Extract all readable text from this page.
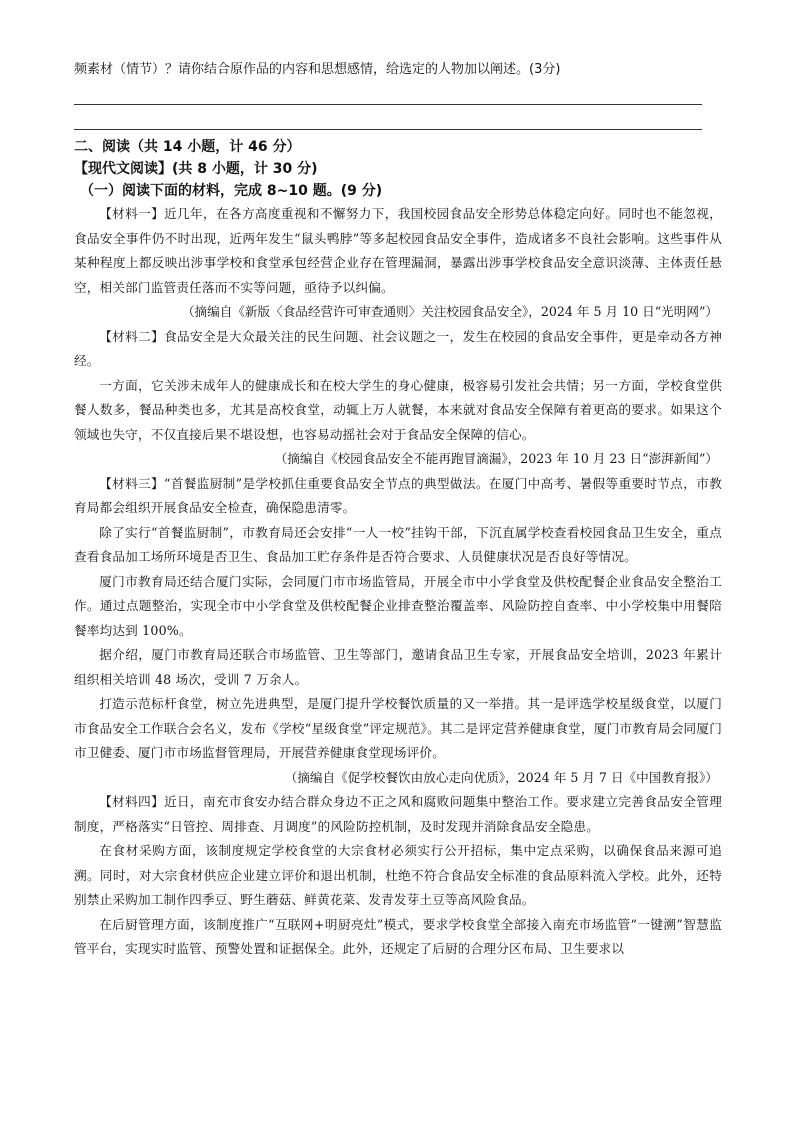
频素材（情节）？请你结合原作品的内容和思想感情，给选定的人物加以阐述。(3分)

二、阅读（共 14 小题，计 46 分）
【现代文阅读】(共 8 小题，计 30 分)
（一）阅读下面的材料，完成 8~10 题。(9 分)

【材料一】近几年，在各方高度重视和不懈努力下，我国校园食品安全形势总体稳定向好。同时也不能忽视，食品安全事件仍不时出现，近两年发生“鼠头鸭脖”等多起校园食品安全事件，造成诸多不良社会影响。这些事件从某种程度上都反映出涉事学校和食堂承包经营企业存在管理漏洞，暴露出涉事学校食品安全意识淡薄、主体责任悬空，相关部门监管责任落而不实等问题，亟待予以纠偏。

（摘编自《新版〈食品经营许可审查通则〉关注校园食品安全》，2024 年 5 月 10 日“光明网”）

【材料二】食品安全是大众最关注的民生问题、社会议题之一，发生在校园的食品安全事件，更是牵动各方神经。

一方面，它关涉未成年人的健康成长和在校大学生的身心健康，极容易引发社会共情；另一方面，学校食堂供餐人数多，餐品种类也多，尤其是高校食堂，动辄上万人就餐，本来就对食品安全保障有着更高的要求。如果这个领域也失守，不仅直接后果不堪设想，也容易动摇社会对于食品安全保障的信心。

（摘编自《校园食品安全不能再跑冒滴漏》，2023 年 10 月 23 日“澎湃新闻”）

【材料三】“首餐监厨制”是学校抓住重要食品安全节点的典型做法。在厦门中高考、暑假等重要时节点，市教育局都会组织开展食品安全检查，确保隐患清零。

除了实行“首餐监厨制”，市教育局还会安排“一人一校”挂钩干部，下沉直属学校查看校园食品卫生安全，重点查看食品加工场所环境是否卫生、食品加工贮存条件是否符合要求、人员健康状况是否良好等情况。

厦门市教育局还结合厦门实际，会同厦门市市场监管局，开展全市中小学食堂及供校配餐企业食品安全整治工作。通过点题整治，实现全市中小学食堂及供校配餐企业排查整治覆盖率、风险防控自查率、中小学校集中用餐陪餐率均达到 100%。

据介绍，厦门市教育局还联合市场监管、卫生等部门，邀请食品卫生专家，开展食品安全培训，2023 年累计组织相关培训 48 场次，受训 7 万余人。

打造示范标杆食堂，树立先进典型，是厦门提升学校餐饮质量的又一举措。其一是评选学校星级食堂，以厦门市食品安全工作联合会名义，发布《学校“星级食堂”评定规范》。其二是评定营养健康食堂，厦门市教育局会同厦门市卫健委、厦门市市场监督管理局，开展营养健康食堂现场评价。

（摘编自《促学校餐饮由放心走向优质》，2024 年 5 月 7 日《中国教育报》）

【材料四】近日，南充市食安办结合群众身边不正之风和腐败问题集中整治工作。要求建立完善食品安全管理制度，严格落实“日管控、周排查、月调度”的风险防控机制，及时发现并消除食品安全隐患。

在食材采购方面，该制度规定学校食堂的大宗食材必须实行公开招标，集中定点采购，以确保食品来源可追溯。同时，对大宗食材供应企业建立评价和退出机制，杜绝不符合食品安全标准的食品原料流入学校。此外，还特别禁止采购加工制作四季豆、野生蘑菇、鲜黄花菜、发青发芽土豆等高风险食品。

在后厨管理方面，该制度推广“互联网+明厨亮灶”模式，要求学校食堂全部接入南充市场监管“一键溯”智慧监管平台，实现实时监管、预警处置和证据保全。此外，还规定了后厨的合理分区布局、卫生要求以
